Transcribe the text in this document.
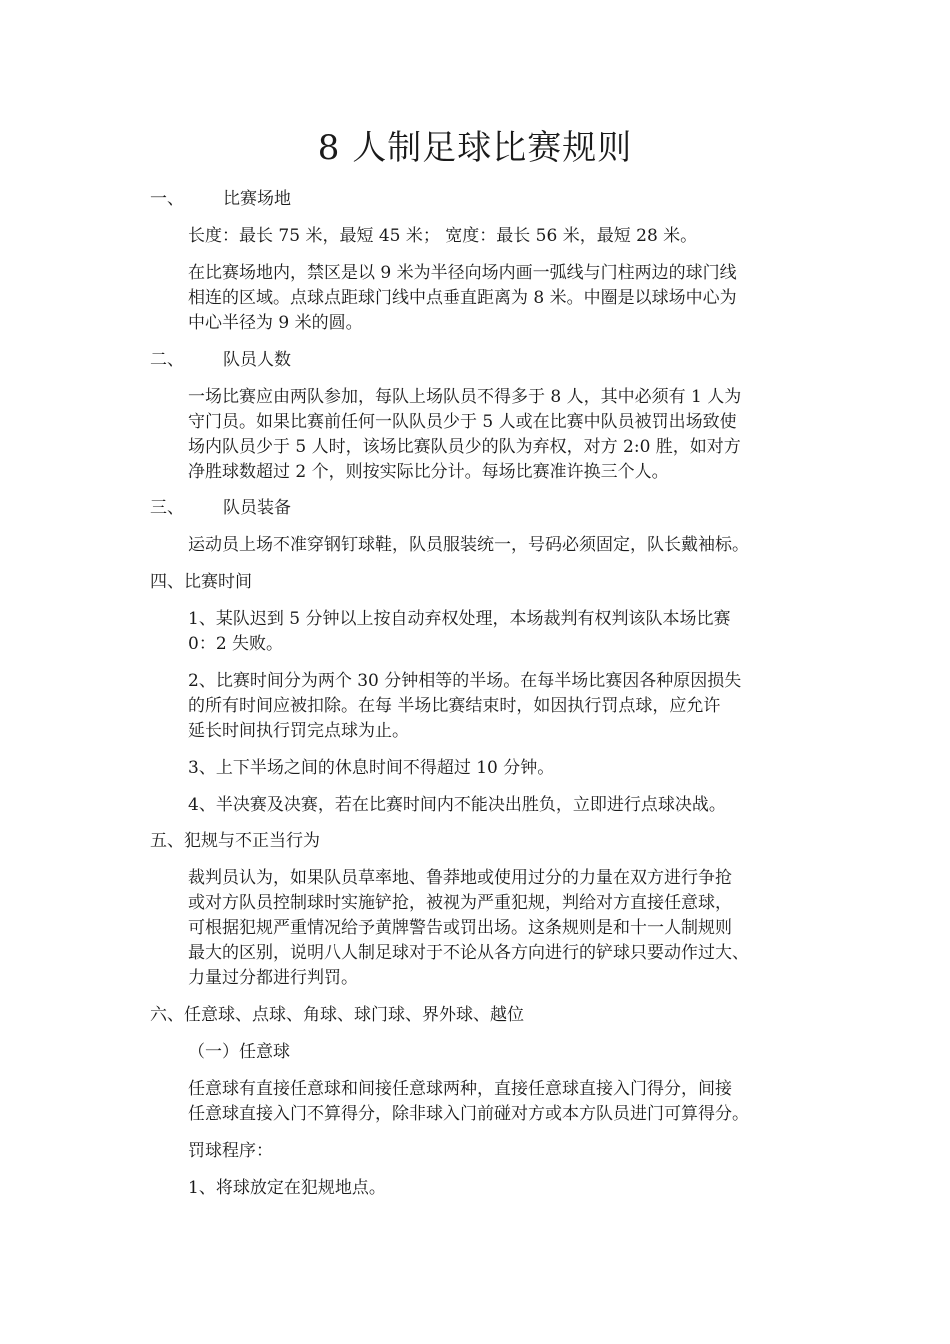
8 人制足球比赛规则
一、 比赛场地
长度：最长 75 米，最短 45 米； 宽度：最长 56 米，最短 28 米。
在比赛场地内，禁区是以 9 米为半径向场内画一弧线与门柱两边的球门线
相连的区域。点球点距球门线中点垂直距离为 8 米。中圈是以球场中心为
中心半径为 9 米的圆。
二、 队员人数
一场比赛应由两队参加，每队上场队员不得多于 8 人，其中必须有 1 人为
守门员。如果比赛前任何一队队员少于 5 人或在比赛中队员被罚出场致使
场内队员少于 5 人时，该场比赛队员少的队为弃权，对方 2:0 胜，如对方
净胜球数超过 2 个，则按实际比分计。每场比赛准许换三个人。
三、 队员装备
运动员上场不准穿钢钉球鞋，队员服装统一，号码必须固定，队长戴袖标。
四、比赛时间
1、某队迟到 5 分钟以上按自动弃权处理，本场裁判有权判该队本场比赛
0：2 失败。
2、比赛时间分为两个 30 分钟相等的半场。在每半场比赛因各种原因损失
的所有时间应被扣除。在每 半场比赛结束时，如因执行罚点球，应允许
延长时间执行罚完点球为止。
3、上下半场之间的休息时间不得超过 10 分钟。
4、半决赛及决赛，若在比赛时间内不能决出胜负，立即进行点球决战。
五、犯规与不正当行为
裁判员认为，如果队员草率地、鲁莽地或使用过分的力量在双方进行争抢
或对方队员控制球时实施铲抢，被视为严重犯规，判给对方直接任意球，
可根据犯规严重情况给予黄牌警告或罚出场。这条规则是和十一人制规则
最大的区别，说明八人制足球对于不论从各方向进行的铲球只要动作过大、
力量过分都进行判罚。
六、任意球、点球、角球、球门球、界外球、越位
（一）任意球
任意球有直接任意球和间接任意球两种，直接任意球直接入门得分，间接
任意球直接入门不算得分，除非球入门前碰对方或本方队员进门可算得分。
罚球程序：
1、将球放定在犯规地点。
